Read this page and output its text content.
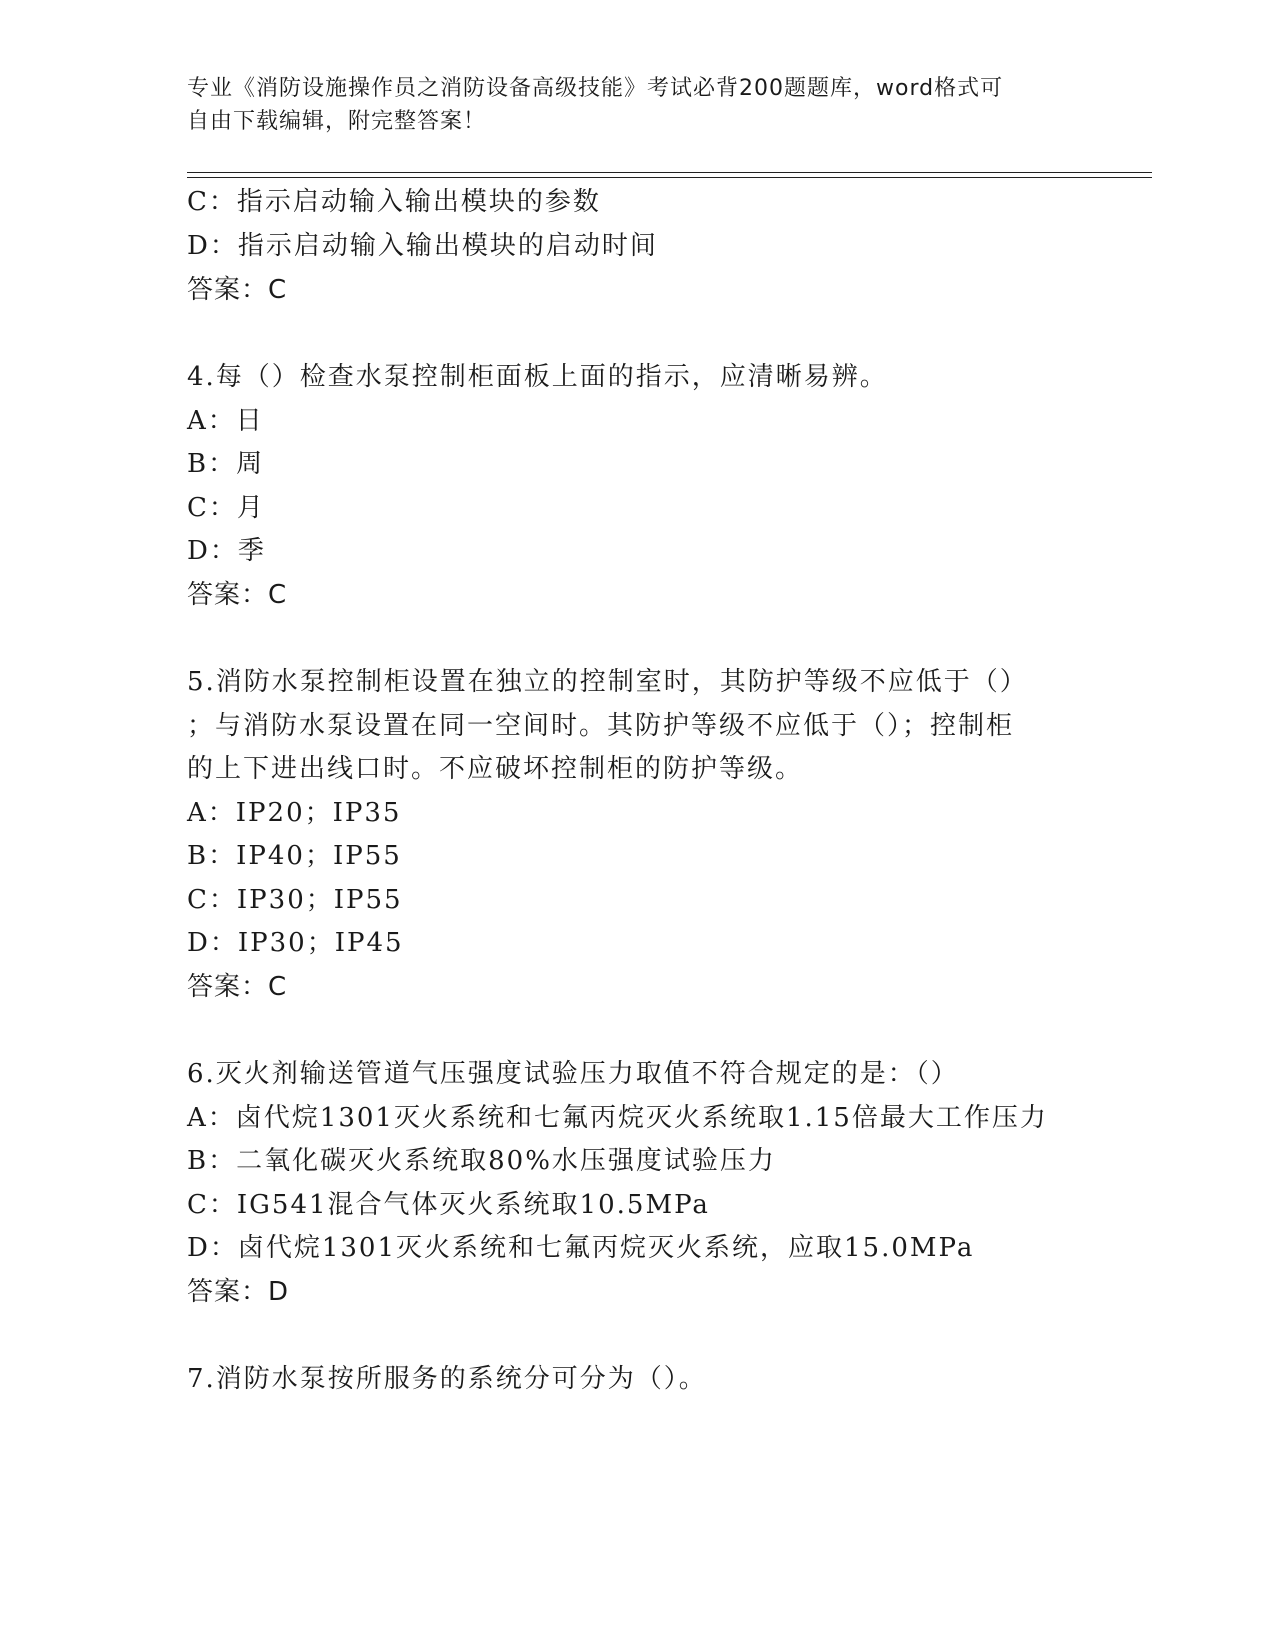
专业《消防设施操作员之消防设备高级技能》考试必背200题题库，word格式可
自由下载编辑，附完整答案！
C：指示启动输入输出模块的参数
D：指示启动输入输出模块的启动时间
答案：C
4.每（）检查水泵控制柜面板上面的指示，应清晰易辨。
A：日
B：周
C：月
D：季
答案：C
5.消防水泵控制柜设置在独立的控制室时，其防护等级不应低于（）
；与消防水泵设置在同一空间时。其防护等级不应低于（）；控制柜
的上下进出线口时。不应破坏控制柜的防护等级。
A：IP20；IP35
B：IP40；IP55
C：IP30；IP55
D：IP30；IP45
答案：C
6.灭火剂输送管道气压强度试验压力取值不符合规定的是：（）
A：卤代烷1301灭火系统和七氟丙烷灭火系统取1.15倍最大工作压力
B：二氧化碳灭火系统取80%水压强度试验压力
C：IG541混合气体灭火系统取10.5MPa
D：卤代烷1301灭火系统和七氟丙烷灭火系统，应取15.0MPa
答案：D
7.消防水泵按所服务的系统分可分为（）。
